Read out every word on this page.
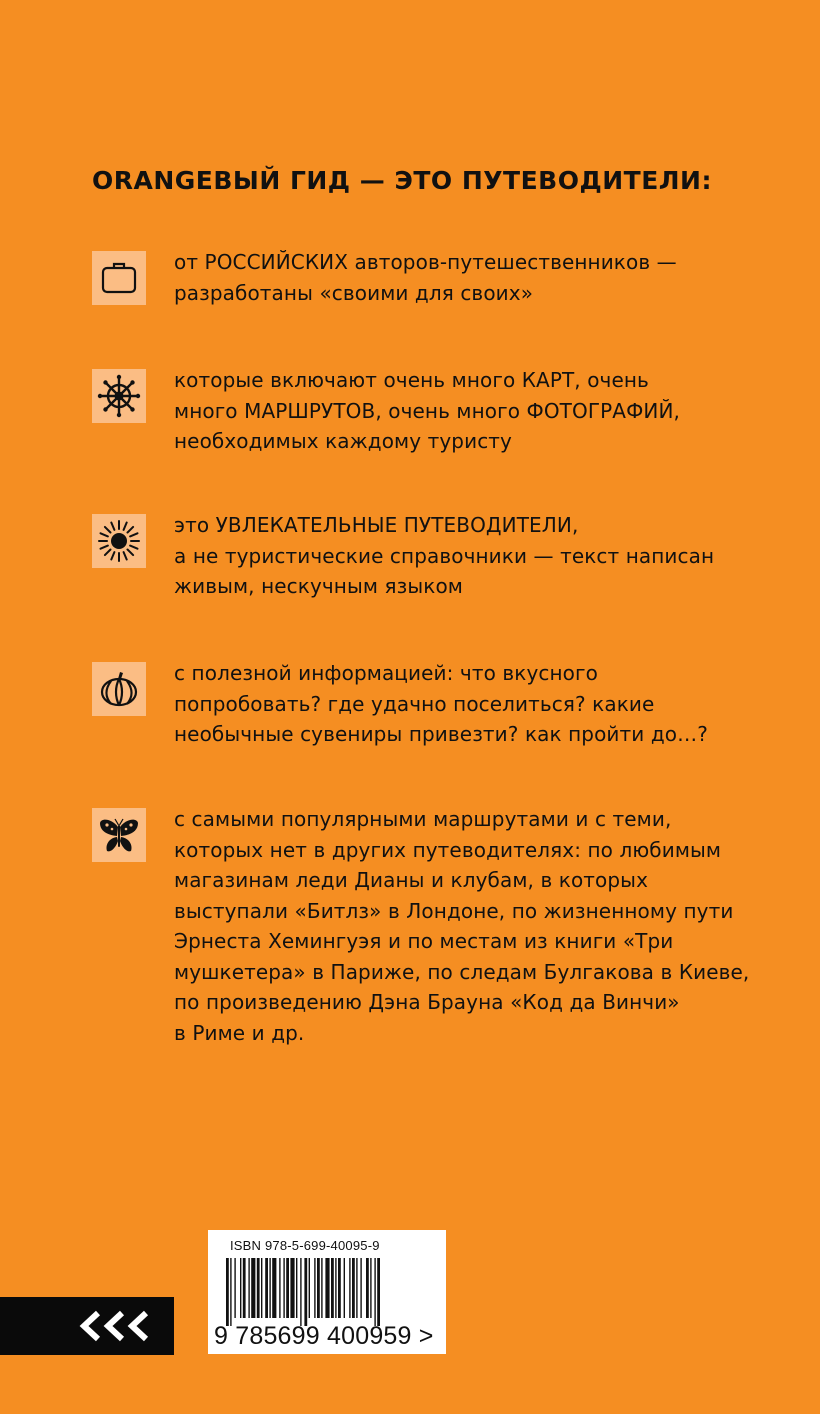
ORANGEВЫЙ ГИД — ЭТО ПУТЕВОДИТЕЛИ:
от РОССИЙСКИХ авторов-путешественников —
разработаны «своими для своих»
которые включают очень много КАРТ, очень
много МАРШРУТОВ, очень много ФОТОГРАФИЙ,
необходимых каждому туристу
это УВЛЕКАТЕЛЬНЫЕ ПУТЕВОДИТЕЛИ,
а не туристические справочники — текст написан
живым, нескучным языком
с полезной информацией: что вкусного
попробовать? где удачно поселиться? какие
необычные сувениры привезти? как пройти до…?
с самыми популярными маршрутами и с теми,
которых нет в других путеводителях: по любимым
магазинам леди Дианы и клубам, в которых
выступали «Битлз» в Лондоне, по жизненному пути
Эрнеста Хемингуэя и по местам из книги «Три
мушкетера» в Париже, по следам Булгакова в Киеве,
по произведению Дэна Брауна «Код да Винчи»
в Риме и др.
ISBN 978-5-699-40095-9
9 785699 400959 >
